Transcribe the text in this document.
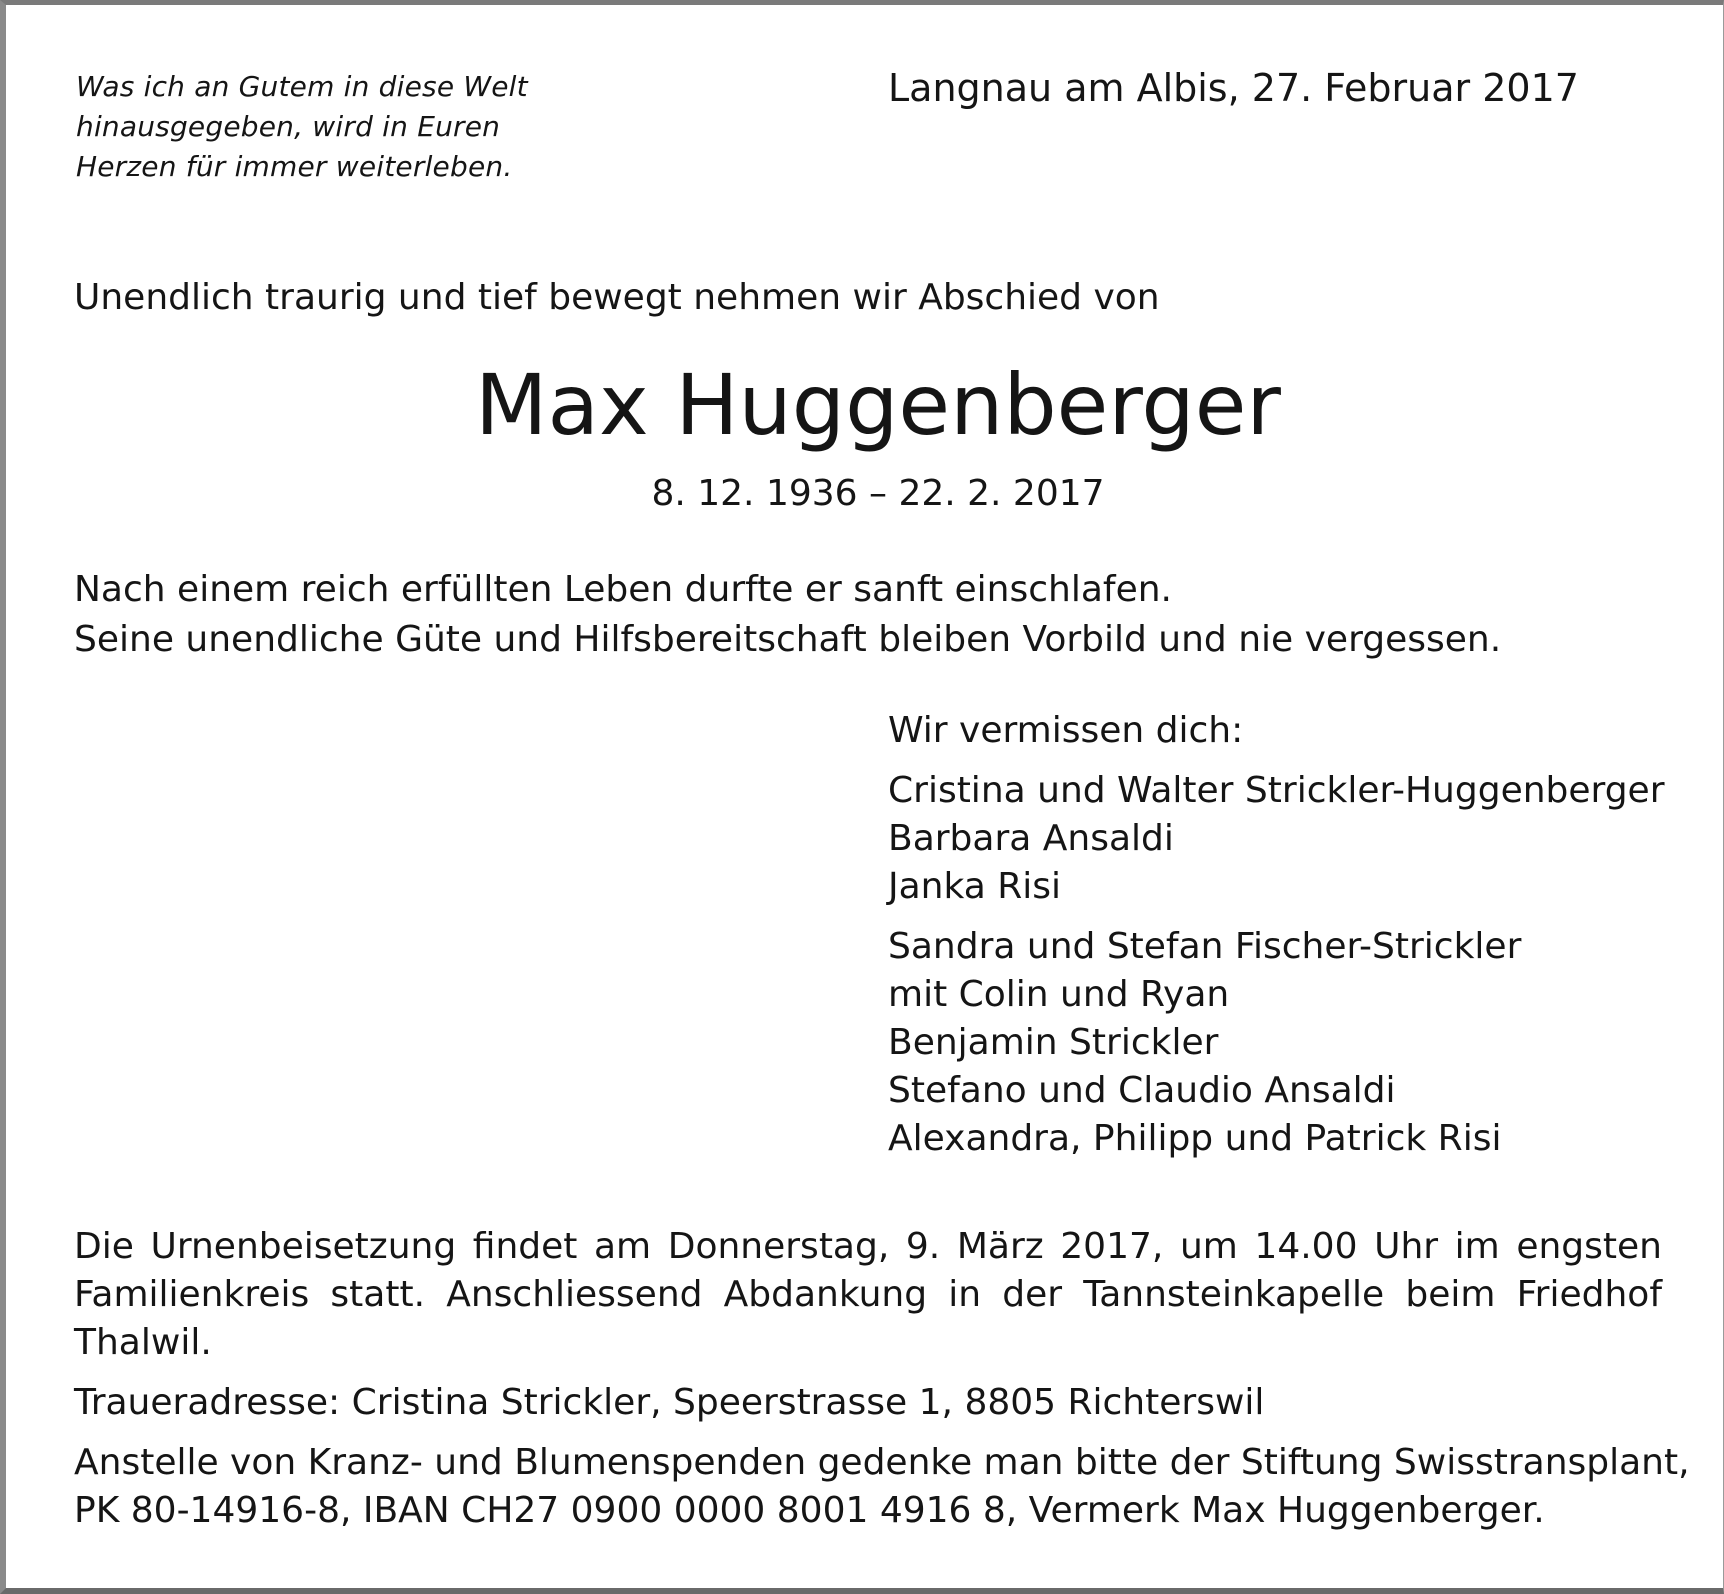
Was ich an Gutem in diese Welt
hinausgegeben, wird in Euren
Herzen für immer weiterleben.
Langnau am Albis, 27. Februar 2017
Unendlich traurig und tief bewegt nehmen wir Abschied von
Max Huggenberger
8. 12. 1936 – 22. 2. 2017
Nach einem reich erfüllten Leben durfte er sanft einschlafen.
Seine unendliche Güte und Hilfsbereitschaft bleiben Vorbild und nie vergessen.
Wir vermissen dich:
Cristina und Walter Strickler-Huggenberger
Barbara Ansaldi
Janka Risi
Sandra und Stefan Fischer-Strickler
mit Colin und Ryan
Benjamin Strickler
Stefano und Claudio Ansaldi
Alexandra, Philipp und Patrick Risi

Die Urnenbeisetzung findet am Donnerstag, 9. März 2017, um 14.00 Uhr im engsten Familienkreis statt. Anschliessend Abdankung in der Tannsteinkapelle beim Friedhof Thalwil.

Traueradresse: Cristina Strickler, Speerstrasse 1, 8805 Richterswil

Anstelle von Kranz- und Blumenspenden gedenke man bitte der Stiftung Swisstransplant,
PK 80-14916-8, IBAN CH27 0900 0000 8001 4916 8, Vermerk Max Huggenberger.
